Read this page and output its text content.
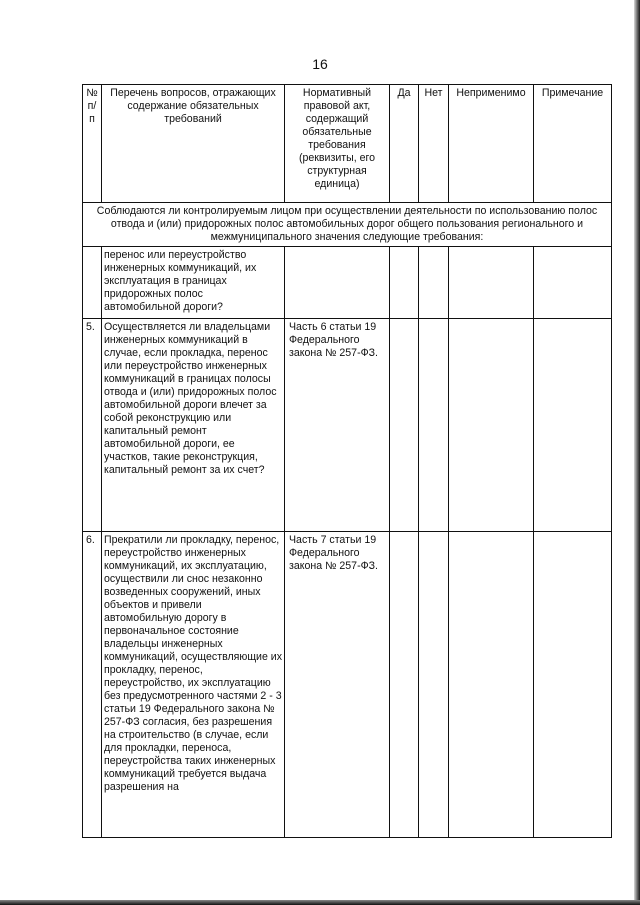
16
№ п/п	Перечень вопросов, отражающих содержание обязательных требований	Нормативный правовой акт, содержащий обязательные требования (реквизиты, его структурная единица)	Да	Нет	Неприменимо	Примечание
Соблюдаются ли контролируемым лицом при осуществлении деятельности по использованию полос отвода и (или) придорожных полос автомобильных дорог общего пользования регионального и межмуниципального значения следующие требования:						
	перенос или переустройство инженерных коммуникаций, их эксплуатация в границах придорожных полос автомобильной дороги?					
5.	Осуществляется ли владельцами инженерных коммуникаций в случае, если прокладка, перенос или переустройство инженерных коммуникаций в границах полосы отвода и (или) придорожных полос автомобильной дороги влечет за собой реконструкцию или капитальный ремонт автомобильной дороги, ее участков, такие реконструкция, капитальный ремонт за их счет?	Часть 6 статьи 19 Федерального закона № 257-ФЗ.				
6.	Прекратили ли прокладку, перенос, переустройство инженерных коммуникаций, их эксплуатацию, осуществили ли снос незаконно возведенных сооружений, иных объектов и привели автомобильную дорогу в первоначальное состояние владельцы инженерных коммуникаций, осуществляющие их прокладку, перенос, переустройство, их эксплуатацию без предусмотренного частями 2 - 3 статьи 19 Федерального закона № 257-ФЗ согласия, без разрешения на строительство (в случае, если для прокладки, переноса, переустройства таких инженерных коммуникаций требуется выдача разрешения на	Часть 7 статьи 19 Федерального закона № 257-ФЗ.				
